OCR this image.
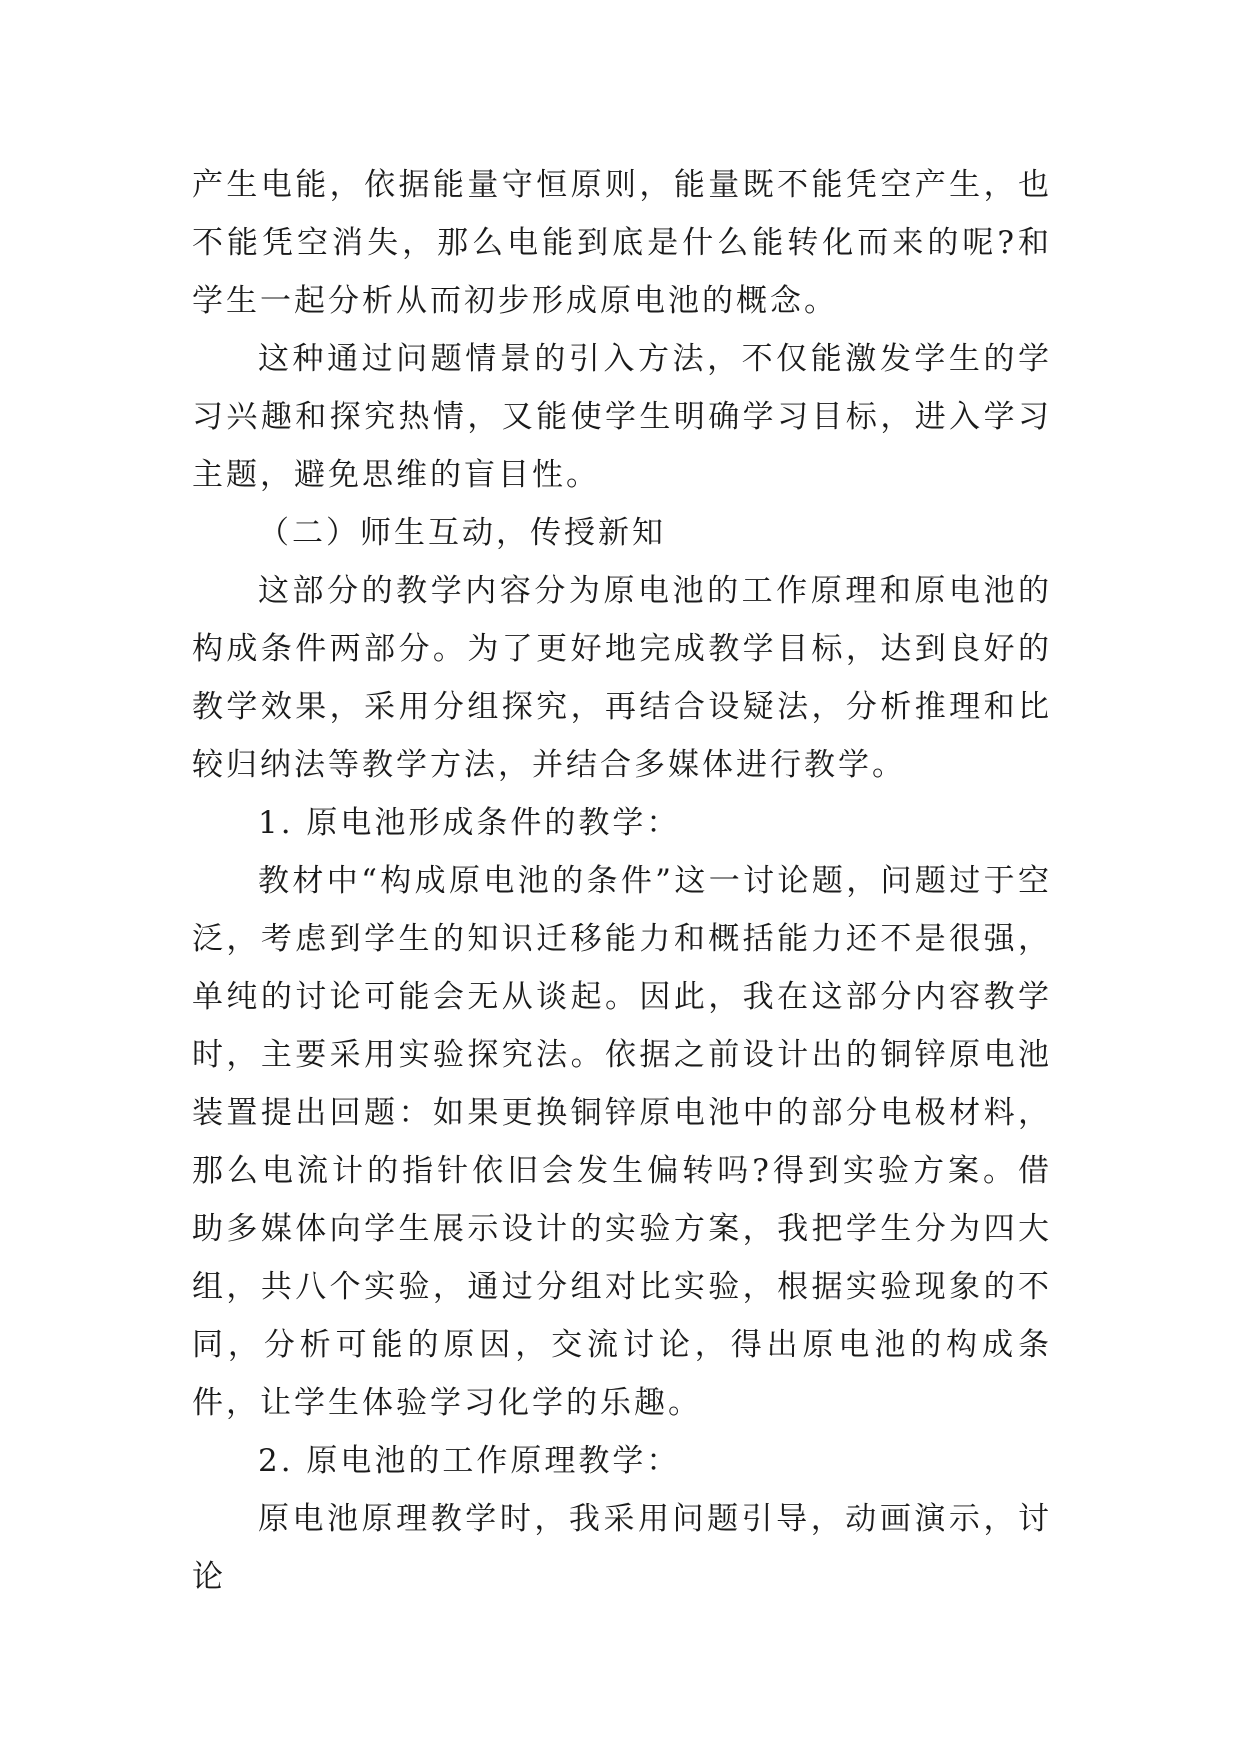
产生电能，依据能量守恒原则，能量既不能凭空产生，也不能凭空消失，那么电能到底是什么能转化而来的呢?和学生一起分析从而初步形成原电池的概念。

这种通过问题情景的引入方法，不仅能激发学生的学习兴趣和探究热情，又能使学生明确学习目标，进入学习主题，避免思维的盲目性。

（二）师生互动，传授新知

这部分的教学内容分为原电池的工作原理和原电池的构成条件两部分。为了更好地完成教学目标，达到良好的教学效果，采用分组探究，再结合设疑法，分析推理和比较归纳法等教学方法，并结合多媒体进行教学。

1. 原电池形成条件的教学：

教材中“构成原电池的条件”这一讨论题，问题过于空泛，考虑到学生的知识迁移能力和概括能力还不是很强，单纯的讨论可能会无从谈起。因此，我在这部分内容教学时，主要采用实验探究法。依据之前设计出的铜锌原电池装置提出回题：如果更换铜锌原电池中的部分电极材料，那么电流计的指针依旧会发生偏转吗?得到实验方案。借助多媒体向学生展示设计的实验方案，我把学生分为四大组，共八个实验，通过分组对比实验，根据实验现象的不同，分析可能的原因，交流讨论，得出原电池的构成条件，让学生体验学习化学的乐趣。

2. 原电池的工作原理教学：

原电池原理教学时，我采用问题引导，动画演示，讨论
